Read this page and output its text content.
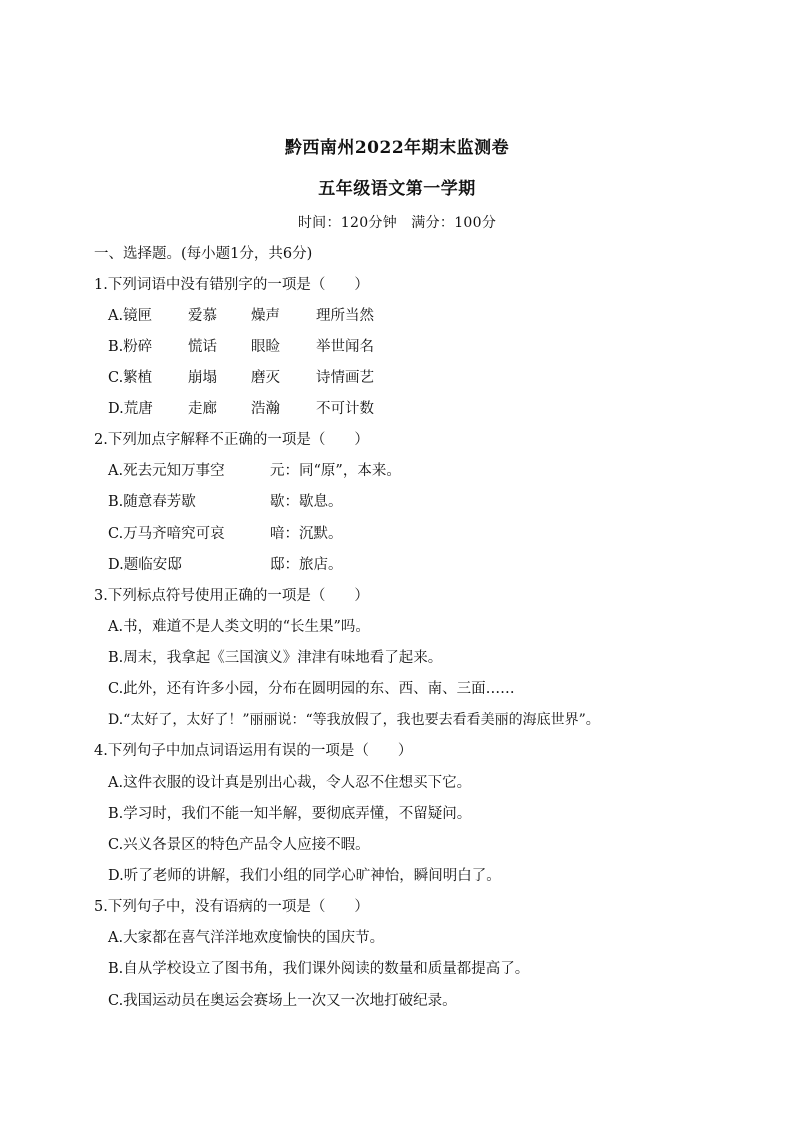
黔西南州2022年期末监测卷
五年级语文第一学期
时间：120分钟　满分：100分
一、选择题。(每小题1分，共6分)
1.下列词语中没有错别字的一项是（　　）
A.镜匣	爱慕	燥声	理所当然
B.粉碎	慌话	眼睑	举世闻名
C.繁植	崩塌	磨灭	诗情画艺
D.荒唐	走廊	浩瀚	不可计数
2.下列加点字解释不正确的一项是（　　）
A.死去元知万事空	元：同“原”，本来。
B.随意春芳歇	歇：歇息。
C.万马齐喑究可哀	喑：沉默。
D.题临安邸	邸：旅店。
3.下列标点符号使用正确的一项是（　　）
A.书，难道不是人类文明的“长生果”吗。
B.周末，我拿起《三国演义》津津有味地看了起来。
C.此外，还有许多小园，分布在圆明园的东、西、南、三面……
D.“太好了，太好了！”丽丽说：“等我放假了，我也要去看看美丽的海底世界”。
4.下列句子中加点词语运用有误的一项是（　　）
A.这件衣服的设计真是别出心裁，令人忍不住想买下它。
B.学习时，我们不能一知半解，要彻底弄懂，不留疑问。
C.兴义各景区的特色产品令人应接不暇。
D.听了老师的讲解，我们小组的同学心旷神怡，瞬间明白了。
5.下列句子中，没有语病的一项是（　　）
A.大家都在喜气洋洋地欢度愉快的国庆节。
B.自从学校设立了图书角，我们课外阅读的数量和质量都提高了。
C.我国运动员在奥运会赛场上一次又一次地打破纪录。
